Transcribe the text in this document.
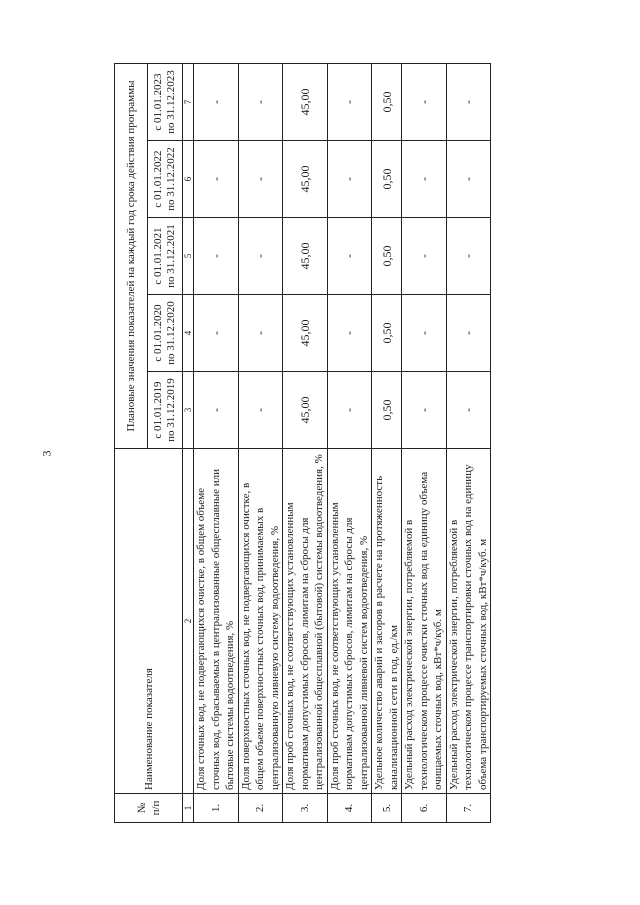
3
№ п/п	Наименование показателя	Плановые значения показателей на каждый год срока действия программы				
		с 01.01.2019 по 31.12.2019	с 01.01.2020 по 31.12.2020	с 01.01.2021 по 31.12.2021	с 01.01.2022 по 31.12.2022	с 01.01.2023 по 31.12.2023
1	2	3	4	5	6	7
1.	Доля сточных вод, не подвергающихся очистке, в общем объеме сточных вод, сбрасываемых в централизованные общесплавные или бытовые системы водоотведения, %	-	-	-	-	-
2.	Доля поверхностных сточных вод, не подвергающихся очистке, в общем объеме поверхностных сточных вод, принимаемых в централизованную ливневую систему водоотведения, %	-	-	-	-	-
3.	Доля проб сточных вод, не соответствующих установленным нормативам допустимых сбросов, лимитам на сбросы для централизованной общесплавной (бытовой) системы водоотведения, %	45,00	45,00	45,00	45,00	45,00
4.	Доля проб сточных вод, не соответствующих установленным нормативам допустимых сбросов, лимитам на сбросы для централизованной ливневой систем водоотведения, %	-	-	-	-	-
5.	Удельное количество аварий и засоров в расчете на протяженность канализационной сети в год, ед./км	0,50	0,50	0,50	0,50	0,50
6.	Удельный расход электрической энергии, потребляемой в технологическом процессе очистки сточных вод на единицу объема очищаемых сточных вод, кВт*ч/куб. м	-	-	-	-	-
7.	Удельный расход электрической энергии, потребляемой в технологическом процессе транспортировки сточных вод на единицу объема транспортируемых сточных вод, кВт*ч/куб. м	-	-	-	-	-
